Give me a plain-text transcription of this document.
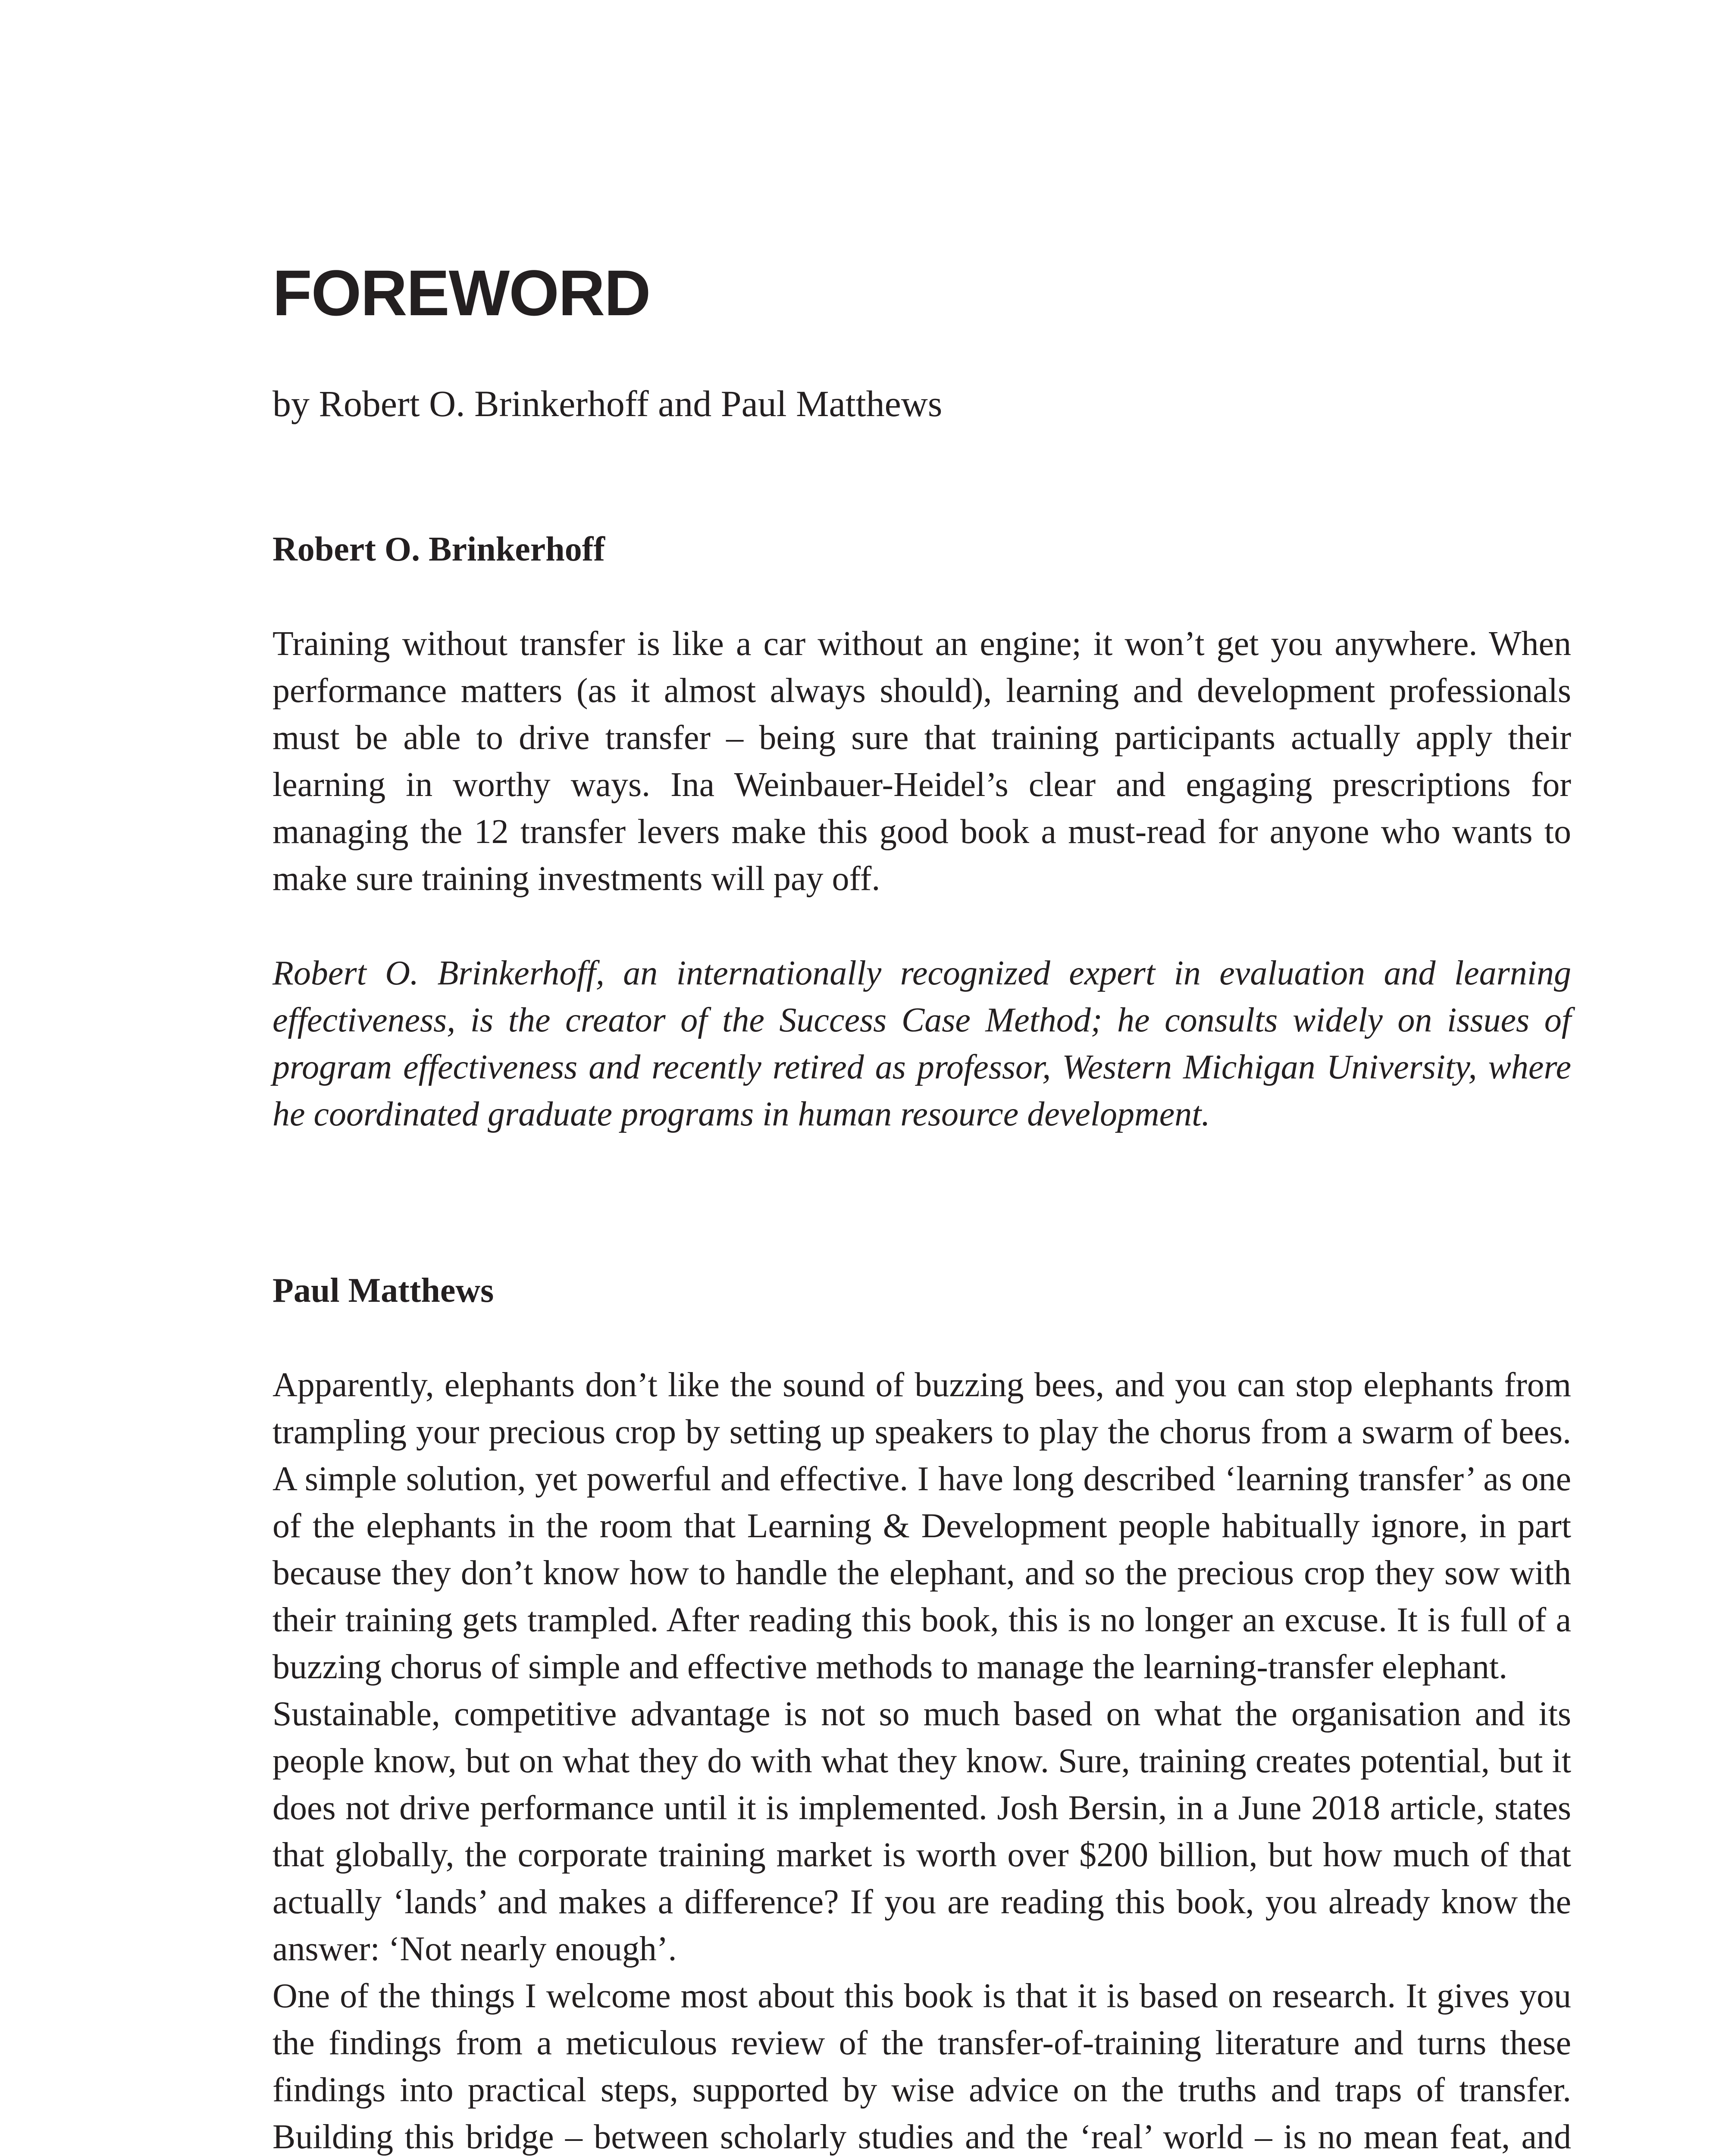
FOREWORD

by Robert O. Brinkerhoff and Paul Matthews

Robert O. Brinkerhoff

Training without transfer is like a car without an engine; it won’t get you anywhere. When performance matters (as it almost always should), learning and development professionals must be able to drive transfer – being sure that training participants actually apply their learning in worthy ways. Ina Weinbauer-Heidel’s clear and engaging prescriptions for managing the 12 transfer levers make this good book a must-read for anyone who wants to make sure training investments will pay off.

Robert O. Brinkerhoff, an internationally recognized expert in evaluation and learning effectiveness, is the creator of the Success Case Method; he consults widely on issues of program effectiveness and recently retired as professor, Western Michigan University, where he coordinated graduate programs in human resource development.

Paul Matthews

Apparently, elephants don’t like the sound of buzzing bees, and you can stop elephants from trampling your precious crop by setting up speakers to play the chorus from a swarm of bees. A simple solution, yet powerful and effective. I have long described ‘learning transfer’ as one of the elephants in the room that Learning & Development people habitually ignore, in part because they don’t know how to handle the elephant, and so the precious crop they sow with their training gets trampled. After reading this book, this is no longer an excuse. It is full of a buzzing chorus of simple and effective methods to manage the learning-transfer elephant.

Sustainable, competitive advantage is not so much based on what the organisation and its people know, but on what they do with what they know. Sure, training creates potential, but it does not drive performance until it is implemented. Josh Bersin, in a June 2018 article, states that globally, the corporate training market is worth over $200 billion, but how much of that actually ‘lands’ and makes a difference? If you are reading this book, you already know the answer: ‘Not nearly enough’.

One of the things I welcome most about this book is that it is based on research. It gives you the findings from a meticulous review of the transfer-of-training literature and turns these findings into practical steps, supported by wise advice on the truths and traps of transfer. Building this bridge – between scholarly studies and the ‘real’ world – is no mean feat, and
